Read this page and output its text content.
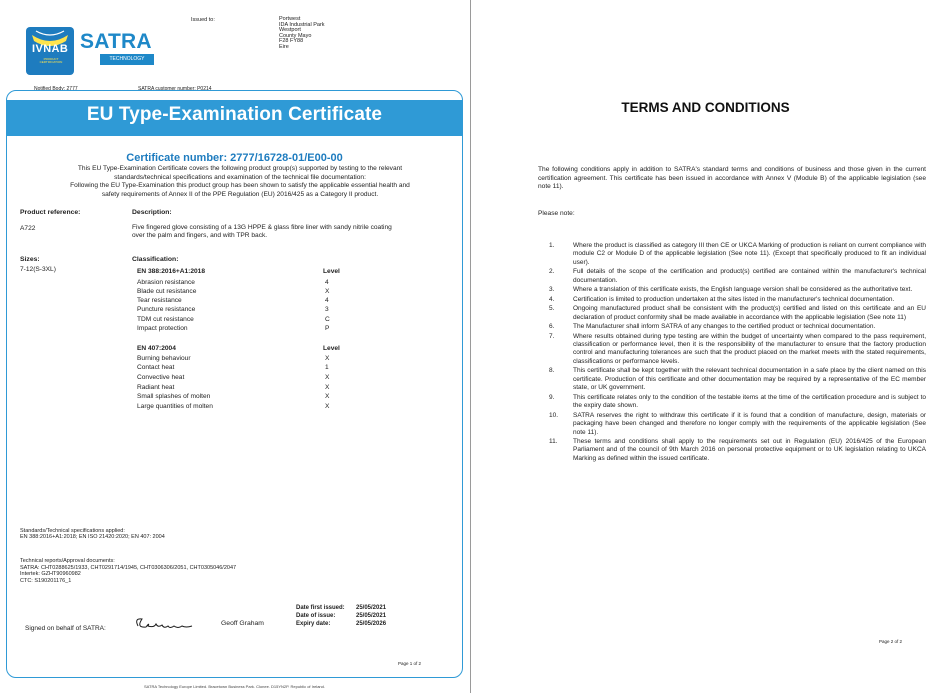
IVNAB
PRODUCT CERTIFICATION
SATRA
TECHNOLOGY
Issued to:	Portwest
IDA Industrial Park
Westport
County Mayo
F28 FY88
Eire
Notified Body: 2777	SATRA customer number: P0214
EU Type-Examination Certificate
Certificate number: 2777/16728-01/E00-00
This EU Type-Examination Certificate covers the following product group(s) supported by testing to the relevant
standards/technical specifications and examination of the technical file documentation:
Following the EU Type-Examination this product group has been shown to satisfy the applicable essential health and
safety requirements of Annex II of the PPE Regulation (EU) 2016/425 as a Category II product.
Product reference:
A722
Description:
Five fingered glove consisting of a 13G HPPE & glass fibre liner with sandy nitrile coating
over the palm and fingers, and with TPR back.
Sizes:
7-12(S-3XL)
Classification:
EN 388:2016+A1:2018	Level
Abrasion resistance	4
Blade cut resistance	X
Tear resistance	4
Puncture resistance	3
TDM cut resistance	C
Impact protection	P
EN 407:2004	Level
Burning behaviour	X
Contact heat	1
Convective heat	X
Radiant heat	X
Small splashes of molten	X
Large quantities of molten	X
Standards/Technical specifications applied:
EN 388:2016+A1:2018; EN ISO 21420:2020; EN 407: 2004
Technical reports/Approval documents:
SATRA: CHT0288625/1933, CHT0291714/1945, CHT0306306/2051, CHT0305046/2047
Intertek: GZHT90960982
CTC: S190201176_1
Signed on behalf of SATRA:
Geoff Graham
Date first issued: 25/05/2021
Date of issue:	25/05/2021
Expiry date:	25/05/2026
Page 1 of 2
SATRA Technology Europe Limited. Bracetown Business Park. Clonee. D15YN2P. Republic of Ireland.
TERMS AND CONDITIONS
The following conditions apply in addition to SATRA's standard terms and conditions of business and those given in the current certification agreement. This certificate has been issued in accordance with Annex V (Module B) of the applicable legislation (see note 11).
Please note:
1.	Where the product is classified as category III then CE or UKCA Marking of production is reliant on current compliance with module C2 or Module D of the applicable legislation (See note 11). (Except that specifically produced to fit an individual user).
2.	Full details of the scope of the certification and product(s) certified are contained within the manufacturer's technical documentation.
3.	Where a translation of this certificate exists, the English language version shall be considered as the authoritative text.
4.	Certification is limited to production undertaken at the sites listed in the manufacturer's technical documentation.
5.	Ongoing manufactured product shall be consistent with the product(s) certified and listed on this certificate and an EU declaration of product conformity shall be made available in accordance with the applicable legislation (See note 11)
6.	The Manufacturer shall inform SATRA of any changes to the certified product or technical documentation.
7.	Where results obtained during type testing are within the budget of uncertainty when compared to the pass requirement, classification or performance level, then it is the responsibility of the manufacturer to ensure that the factory production control and manufacturing tolerances are such that the product placed on the market meets with the stated requirements, classifications or performance levels.
8.	This certificate shall be kept together with the relevant technical documentation in a safe place by the client named on this certificate. Production of this certificate and other documentation may be required by a representative of the EC member state, or UK government.
9.	This certificate relates only to the condition of the testable items at the time of the certification procedure and is subject to the expiry date shown.
10. SATRA reserves the right to withdraw this certificate if it is found that a condition of manufacture, design, materials or packaging have been changed and therefore no longer comply with the requirements of the applicable legislation (See note 11).
11. These terms and conditions shall apply to the requirements set out in Regulation (EU) 2016/425 of the European Parliament and of the council of 9th March 2016 on personal protective equipment or to UK legislation relating to UKCA Marking as defined within the issued certificate.
Page 2 of 2
